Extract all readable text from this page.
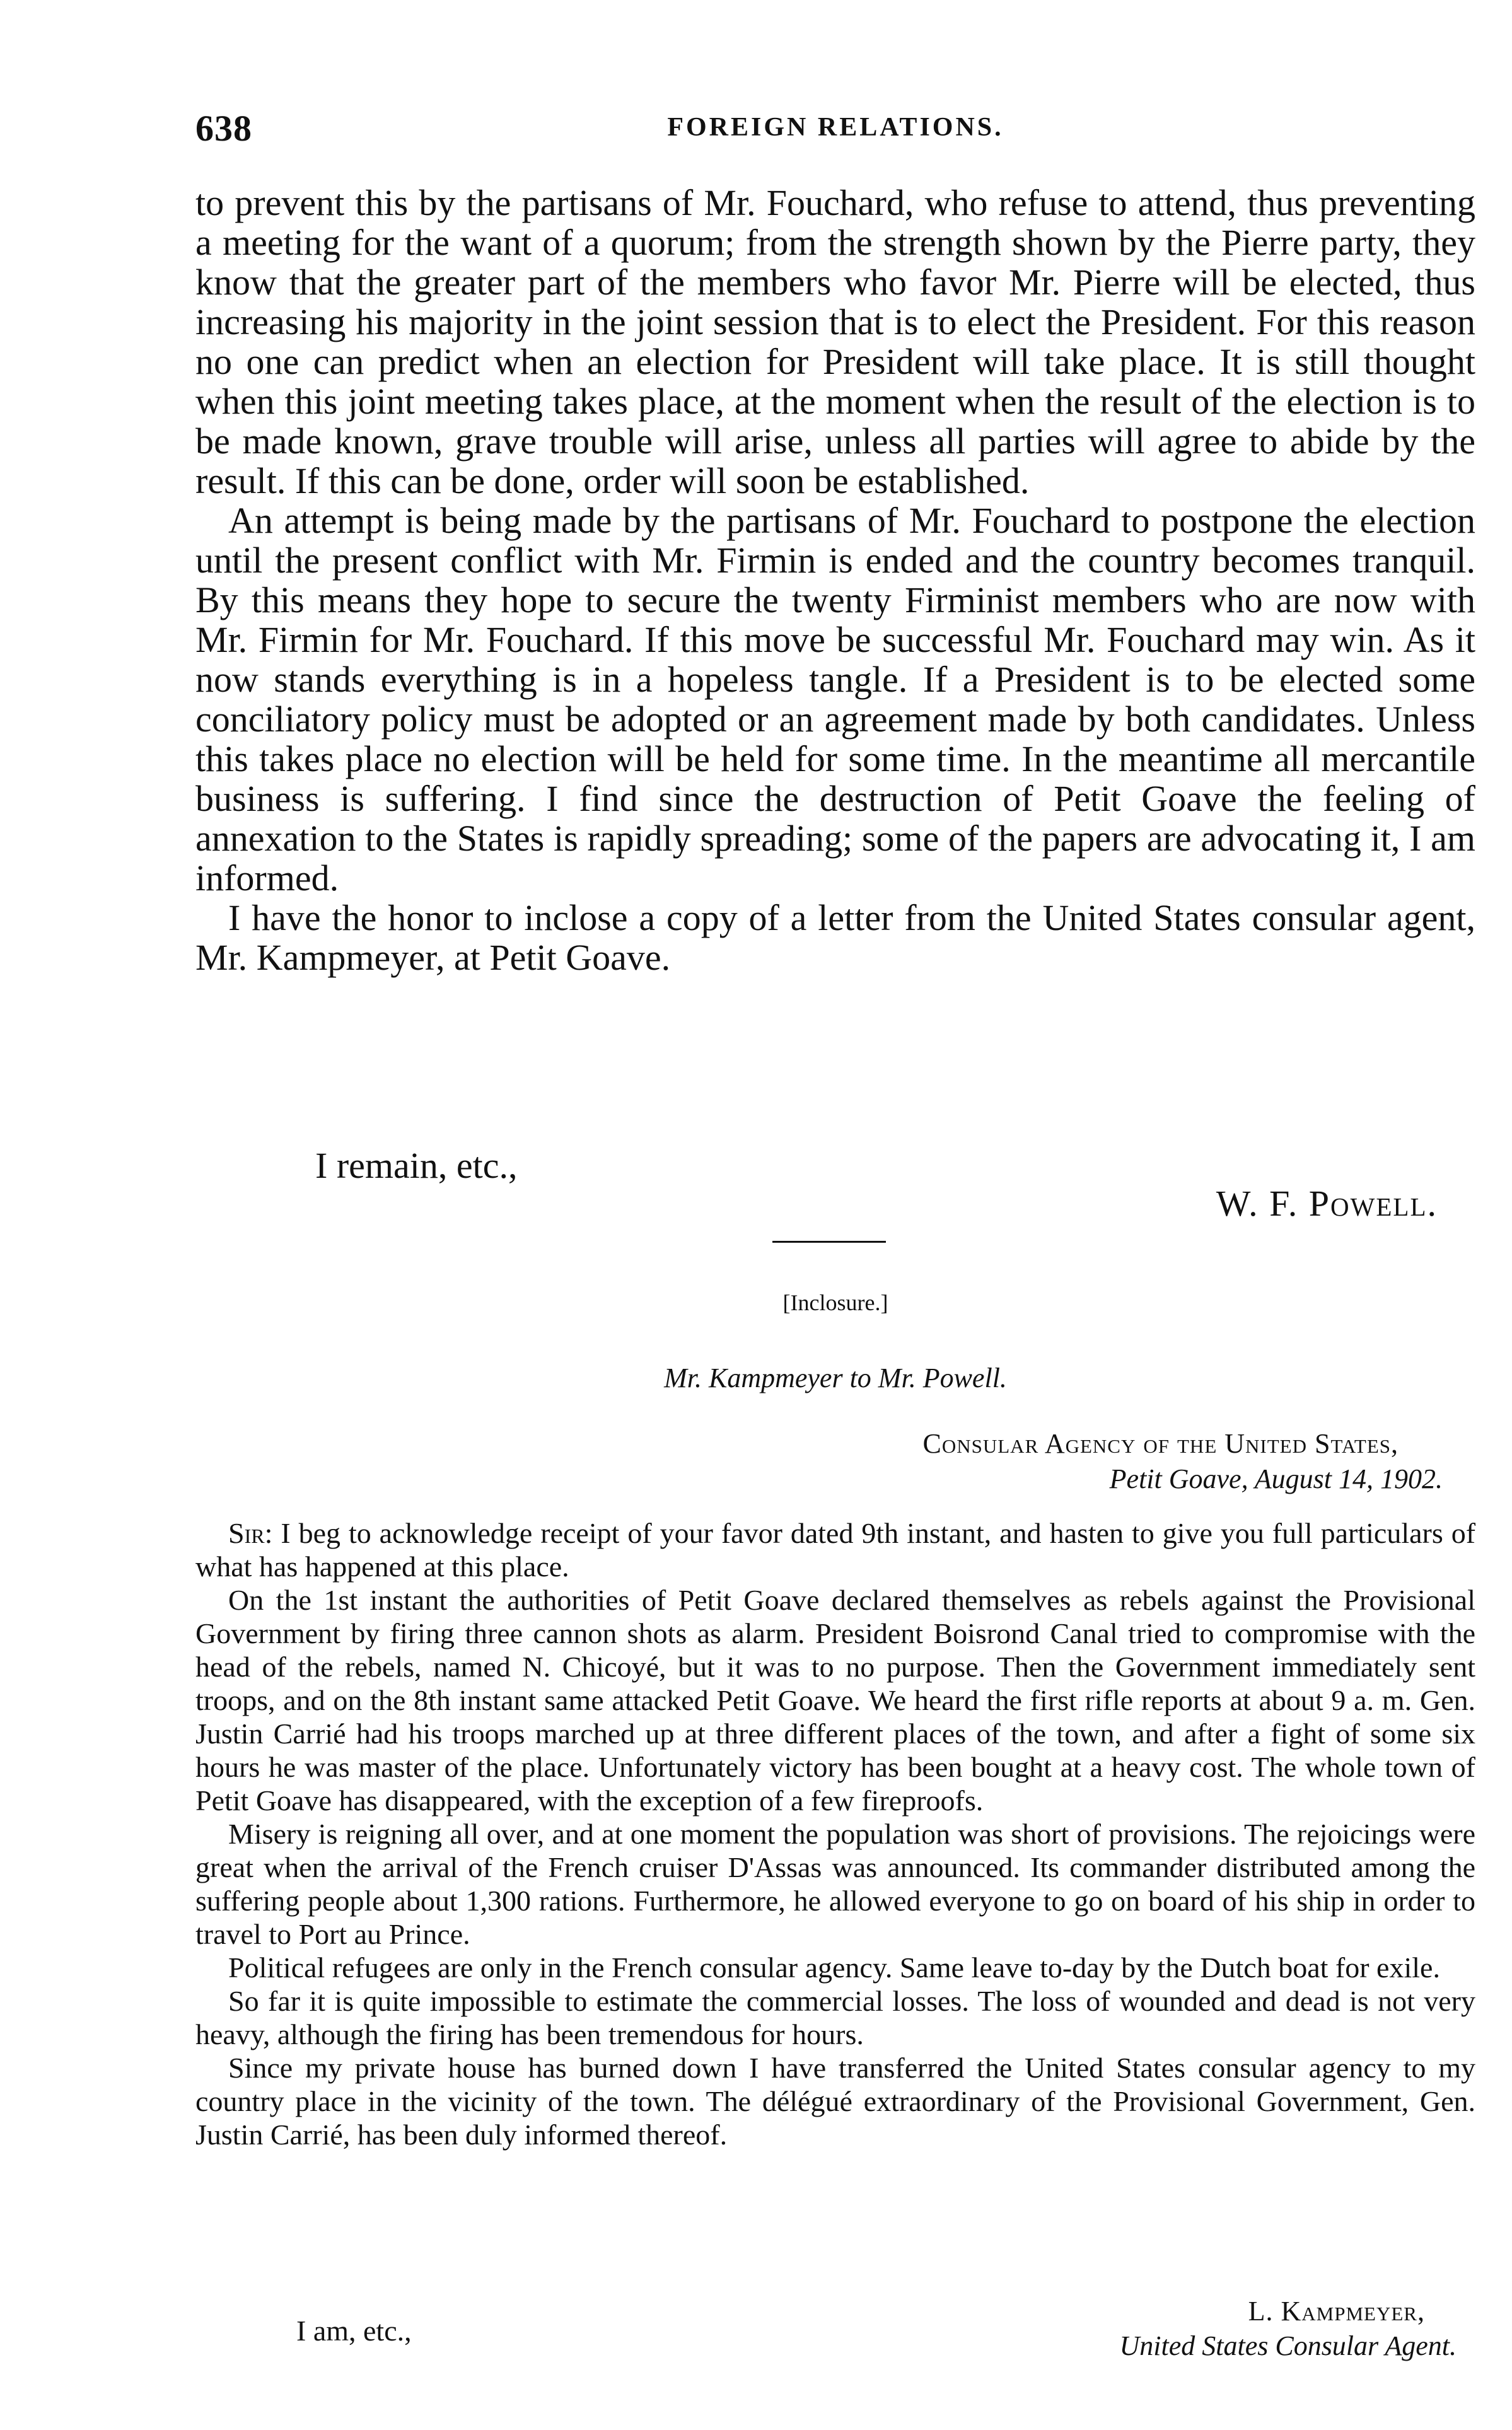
638	FOREIGN RELATIONS.

to prevent this by the partisans of Mr. Fouchard, who refuse to attend, thus preventing a meeting for the want of a quorum; from the strength shown by the Pierre party, they know that the greater part of the members who favor Mr. Pierre will be elected, thus increasing his majority in the joint session that is to elect the President. For this reason no one can predict when an election for President will take place. It is still thought when this joint meeting takes place, at the moment when the result of the election is to be made known, grave trouble will arise, unless all parties will agree to abide by the result. If this can be done, order will soon be established.

An attempt is being made by the partisans of Mr. Fouchard to postpone the election until the present conflict with Mr. Firmin is ended and the country becomes tranquil. By this means they hope to secure the twenty Firminist members who are now with Mr. Firmin for Mr. Fouchard. If this move be successful Mr. Fouchard may win. As it now stands everything is in a hopeless tangle. If a President is to be elected some conciliatory policy must be adopted or an agreement made by both candidates. Unless this takes place no election will be held for some time. In the meantime all mercantile business is suffering. I find since the destruction of Petit Goave the feeling of annexation to the States is rapidly spreading; some of the papers are advocating it, I am informed.

I have the honor to inclose a copy of a letter from the United States consular agent, Mr. Kampmeyer, at Petit Goave.

I remain, etc.,
W. F. Powell.
[Inclosure.]
Mr. Kampmeyer to Mr. Powell.
Consular Agency of the United States,
Petit Goave, August 14, 1902.

Sir: I beg to acknowledge receipt of your favor dated 9th instant, and hasten to give you full particulars of what has happened at this place.

On the 1st instant the authorities of Petit Goave declared themselves as rebels against the Provisional Government by firing three cannon shots as alarm. President Boisrond Canal tried to compromise with the head of the rebels, named N. Chicoyé, but it was to no purpose. Then the Government immediately sent troops, and on the 8th instant same attacked Petit Goave. We heard the first rifle reports at about 9 a. m. Gen. Justin Carrié had his troops marched up at three different places of the town, and after a fight of some six hours he was master of the place. Unfortunately victory has been bought at a heavy cost. The whole town of Petit Goave has disappeared, with the exception of a few fireproofs.

Misery is reigning all over, and at one moment the population was short of provisions. The rejoicings were great when the arrival of the French cruiser D'Assas was announced. Its commander distributed among the suffering people about 1,300 rations. Furthermore, he allowed everyone to go on board of his ship in order to travel to Port au Prince.

Political refugees are only in the French consular agency. Same leave to-day by the Dutch boat for exile.

So far it is quite impossible to estimate the commercial losses. The loss of wounded and dead is not very heavy, although the firing has been tremendous for hours.

Since my private house has burned down I have transferred the United States consular agency to my country place in the vicinity of the town. The délégué extraordinary of the Provisional Government, Gen. Justin Carrié, has been duly informed thereof.

I am, etc.,
L. Kampmeyer,
United States Consular Agent.
